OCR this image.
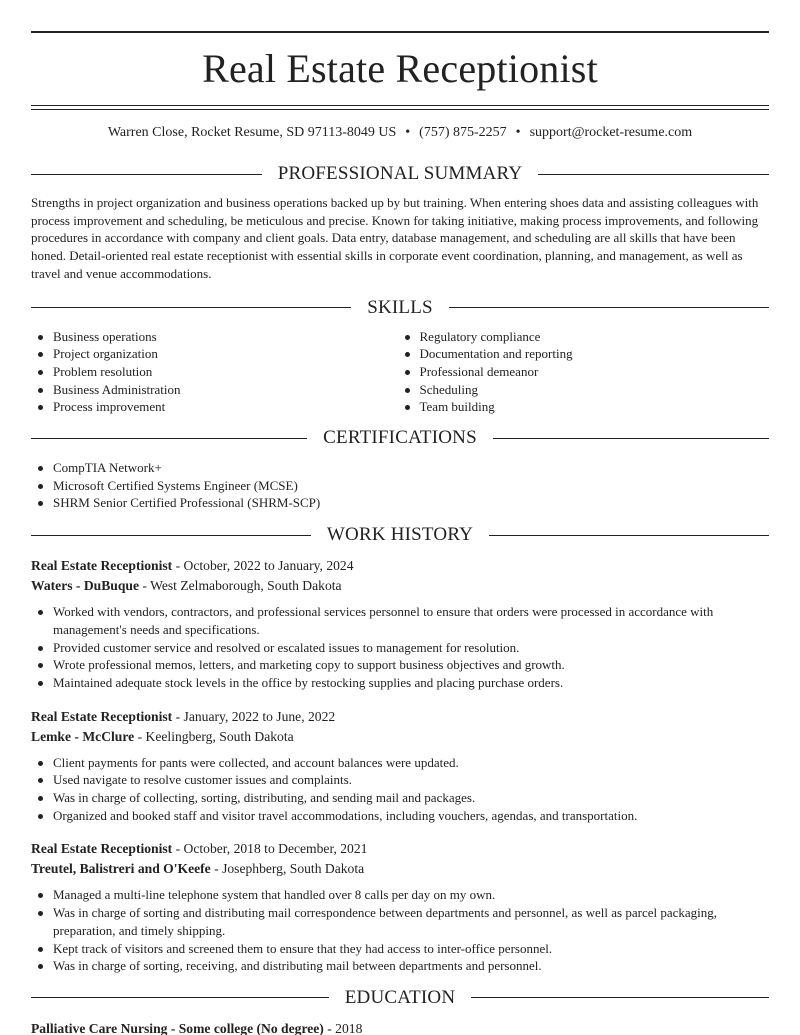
Real Estate Receptionist
Warren Close, Rocket Resume, SD 97113-8049 US • (757) 875-2257 • support@rocket-resume.com
PROFESSIONAL SUMMARY

Strengths in project organization and business operations backed up by but training. When entering shoes data and assisting colleagues with process improvement and scheduling, be meticulous and precise. Known for taking initiative, making process improvements, and following procedures in accordance with company and client goals. Data entry, database management, and scheduling are all skills that have been honed. Detail-oriented real estate receptionist with essential skills in corporate event coordination, planning, and management, as well as travel and venue accommodations.

SKILLS
Business operations
Project organization
Problem resolution
Business Administration
Process improvement
Regulatory compliance
Documentation and reporting
Professional demeanor
Scheduling
Team building
CERTIFICATIONS
CompTIA Network+
Microsoft Certified Systems Engineer (MCSE)
SHRM Senior Certified Professional (SHRM-SCP)
WORK HISTORY
Real Estate Receptionist - October, 2022 to January, 2024
Waters - DuBuque - West Zelmaborough, South Dakota
Worked with vendors, contractors, and professional services personnel to ensure that orders were processed in accordance with management's needs and specifications.
Provided customer service and resolved or escalated issues to management for resolution.
Wrote professional memos, letters, and marketing copy to support business objectives and growth.
Maintained adequate stock levels in the office by restocking supplies and placing purchase orders.
Real Estate Receptionist - January, 2022 to June, 2022
Lemke - McClure - Keelingberg, South Dakota
Client payments for pants were collected, and account balances were updated.
Used navigate to resolve customer issues and complaints.
Was in charge of collecting, sorting, distributing, and sending mail and packages.
Organized and booked staff and visitor travel accommodations, including vouchers, agendas, and transportation.
Real Estate Receptionist - October, 2018 to December, 2021
Treutel, Balistreri and O'Keefe - Josephberg, South Dakota
Managed a multi-line telephone system that handled over 8 calls per day on my own.
Was in charge of sorting and distributing mail correspondence between departments and personnel, as well as parcel packaging, preparation, and timely shipping.
Kept track of visitors and screened them to ensure that they had access to inter-office personnel.
Was in charge of sorting, receiving, and distributing mail between departments and personnel.
EDUCATION
Palliative Care Nursing - Some college (No degree) - 2018
